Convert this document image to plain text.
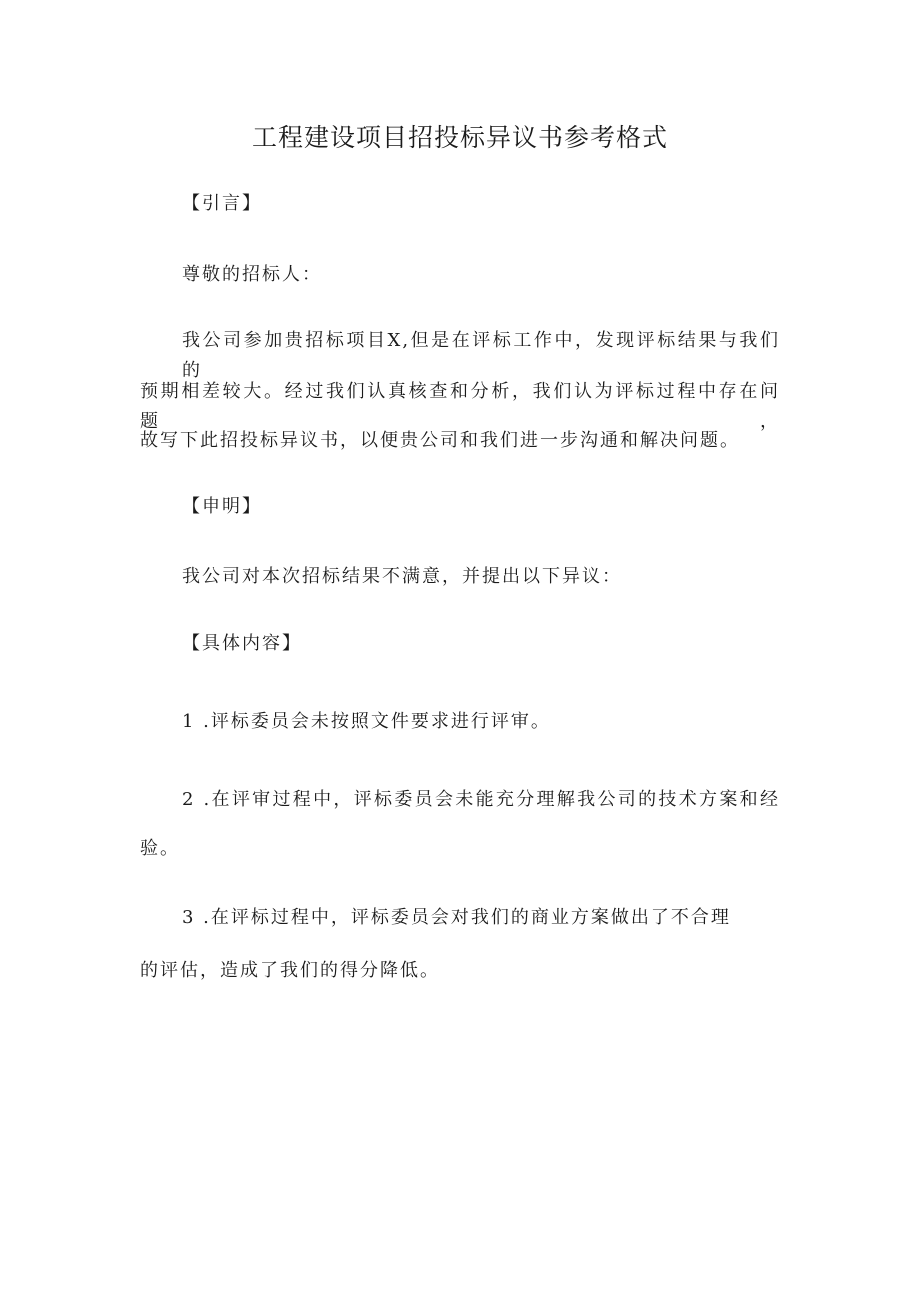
工程建设项目招投标异议书参考格式
【引言】
尊敬的招标人：
我公司参加贵招标项目X,但是在评标工作中，发现评标结果与我们的
预期相差较大。经过我们认真核查和分析，我们认为评标过程中存在问题，
故写下此招投标异议书，以便贵公司和我们进一步沟通和解决问题。
【申明】
我公司对本次招标结果不满意，并提出以下异议：
【具体内容】
1 .评标委员会未按照文件要求进行评审。
2 .在评审过程中，评标委员会未能充分理解我公司的技术方案和经
验。
3 .在评标过程中，评标委员会对我们的商业方案做出了不合理
的评估，造成了我们的得分降低。
